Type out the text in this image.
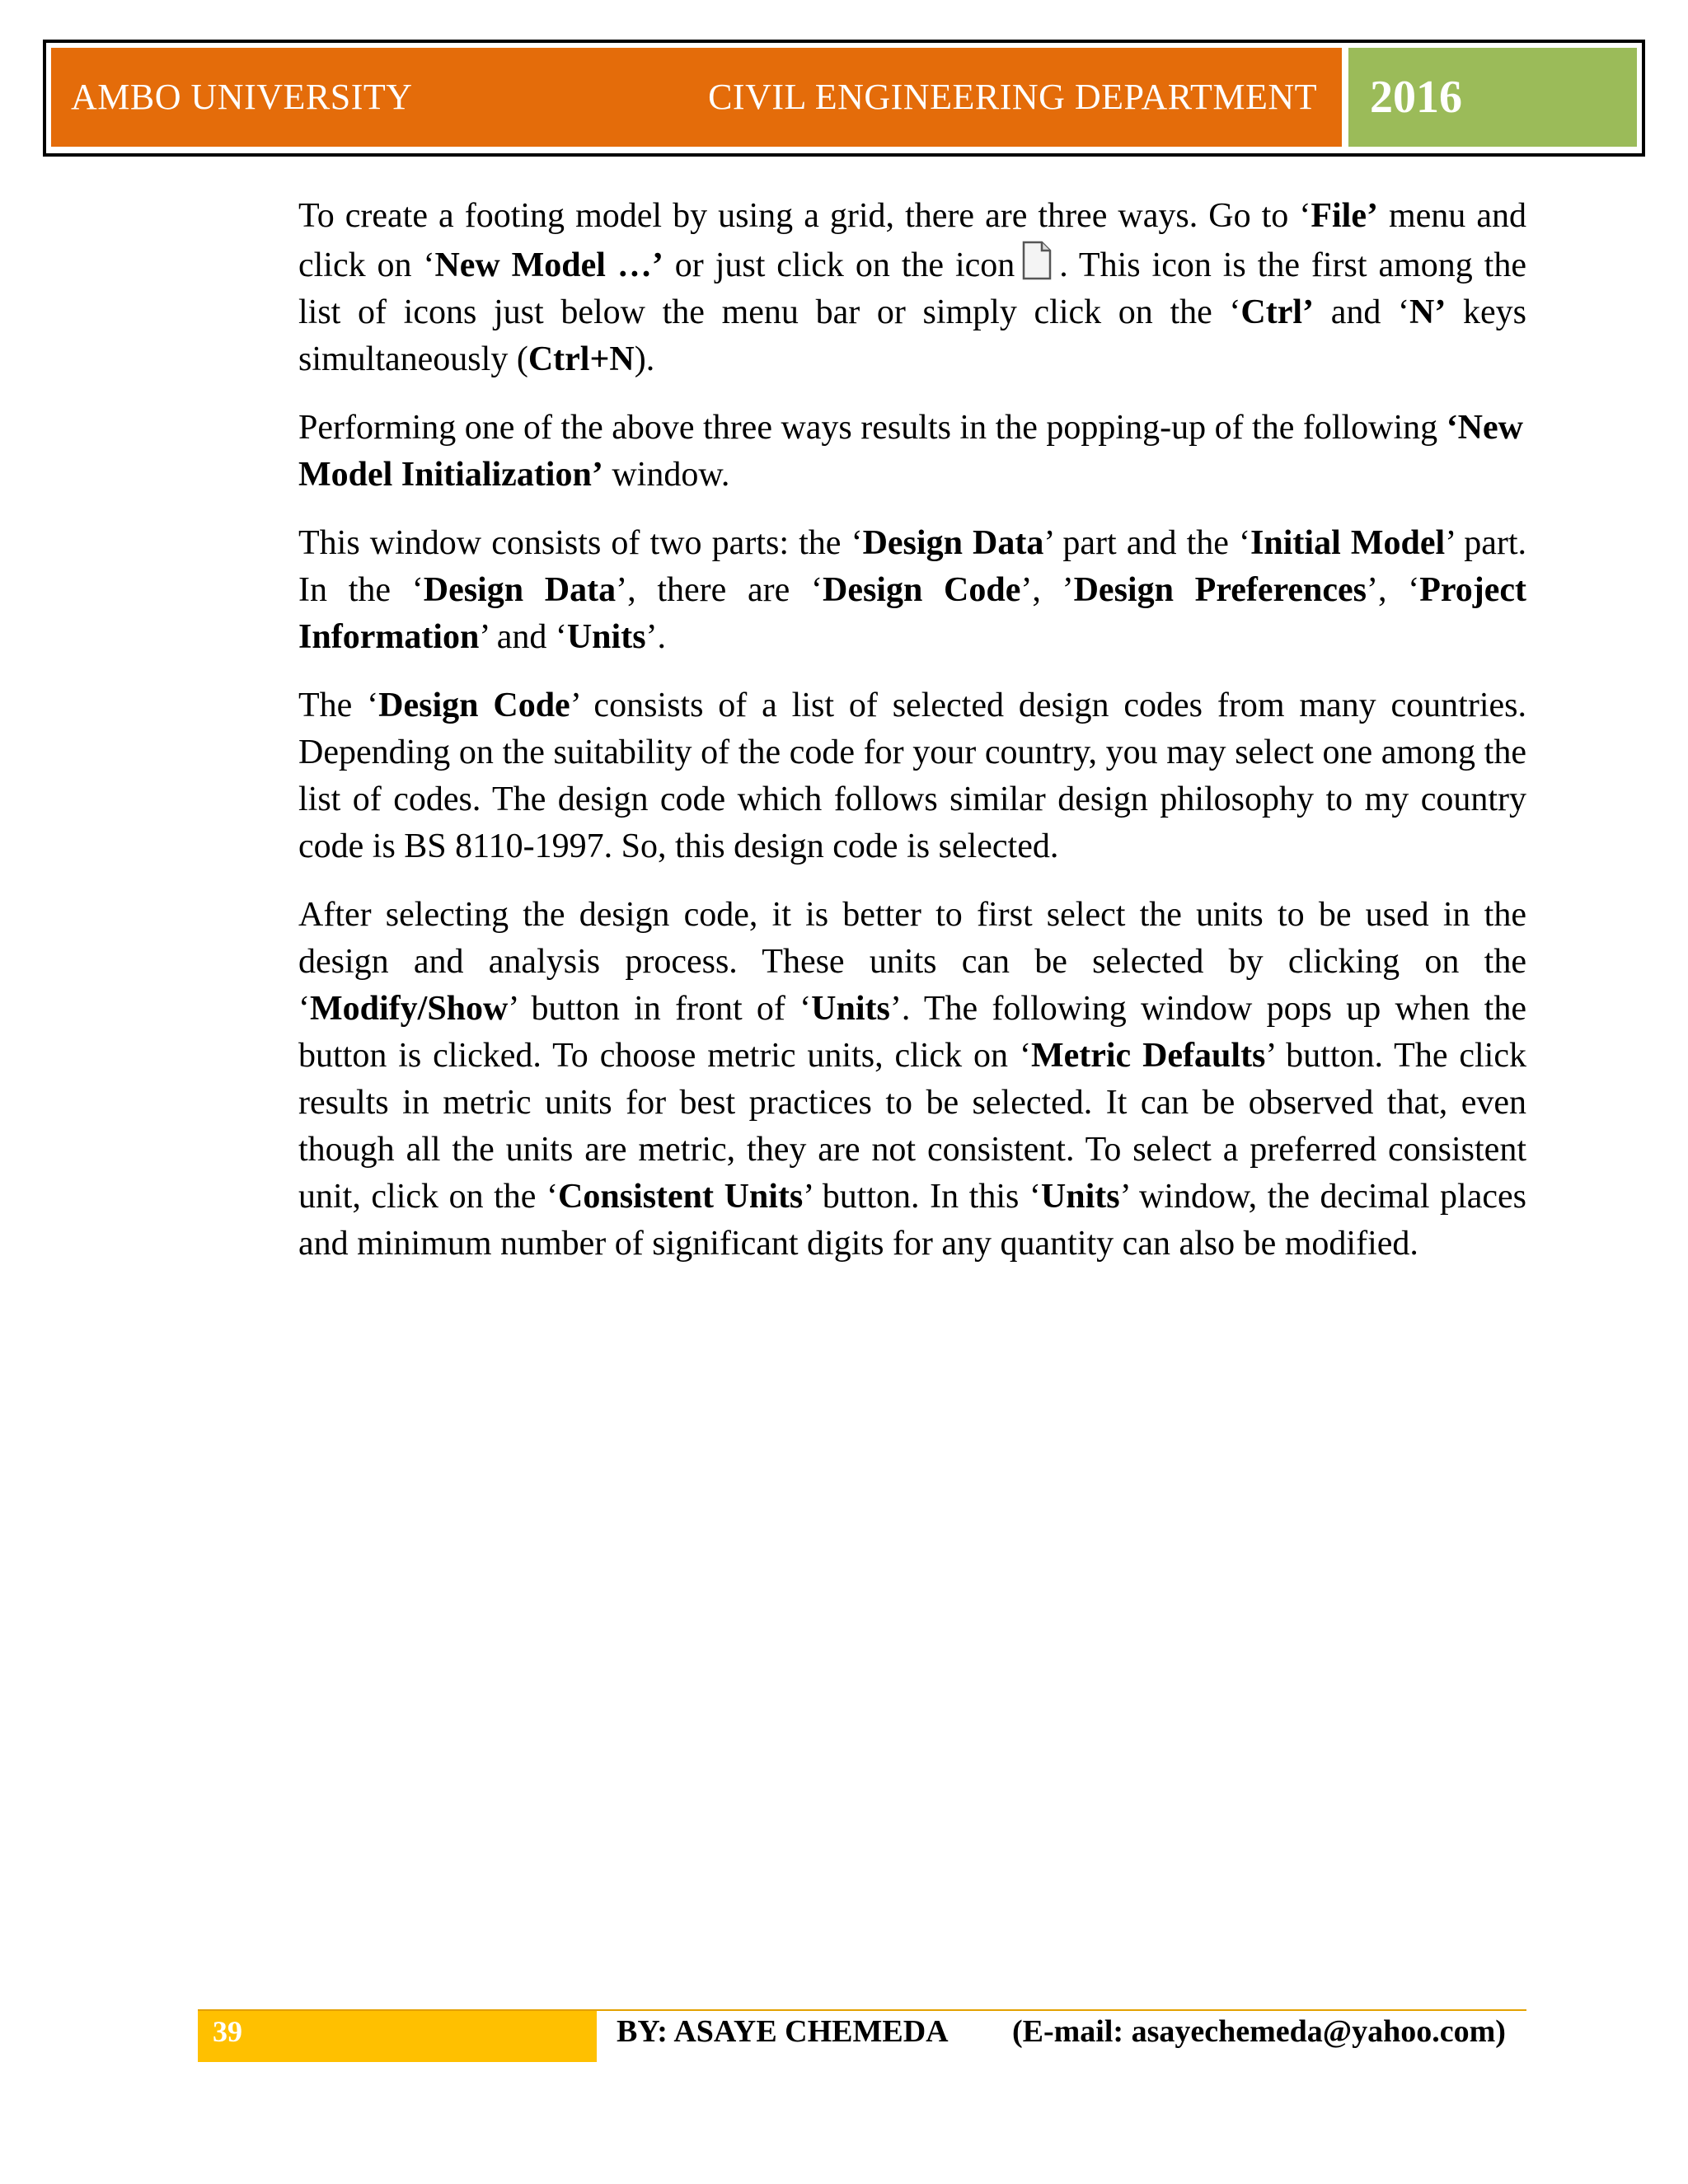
AMBO UNIVERSITY	CIVIL ENGINEERING DEPARTMENT 2016

To create a footing model by using a grid, there are three ways. Go to ‘File’ menu and click on ‘New Model …’ or just click on the icon . This icon is the first among the list of icons just below the menu bar or simply click on the ‘Ctrl’ and ‘N’ keys simultaneously (Ctrl+N).

Performing one of the above three ways results in the popping-up of the following ‘New Model Initialization’ window.

This window consists of two parts: the ‘Design Data’ part and the ‘Initial Model’ part. In the ‘Design Data’, there are ‘Design Code’, ’Design Preferences’, ‘Project Information’ and ‘Units’.

The ‘Design Code’ consists of a list of selected design codes from many countries. Depending on the suitability of the code for your country, you may select one among the list of codes. The design code which follows similar design philosophy to my country code is BS 8110-1997. So, this design code is selected.

After selecting the design code, it is better to first select the units to be used in the design and analysis process. These units can be selected by clicking on the ‘Modify/Show’ button in front of ‘Units’. The following window pops up when the button is clicked. To choose metric units, click on ‘Metric Defaults’ button. The click results in metric units for best practices to be selected. It can be observed that, even though all the units are metric, they are not consistent. To select a preferred consistent unit, click on the ‘Consistent Units’ button. In this ‘Units’ window, the decimal places and minimum number of significant digits for any quantity can also be modified.

39	BY: ASAYE CHEMEDA (E-mail: asayechemeda@yahoo.com)
